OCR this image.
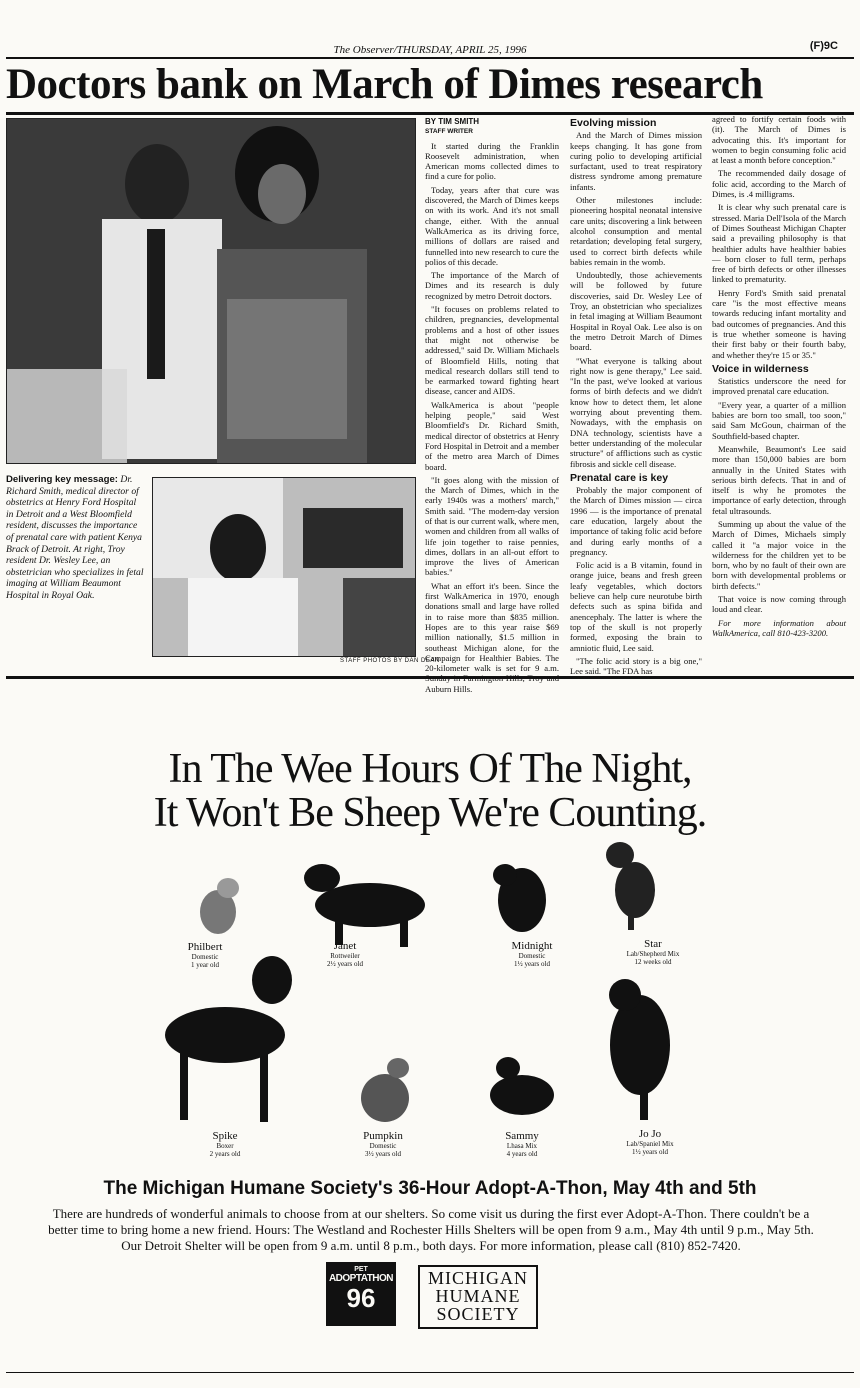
The Observer/THURSDAY, APRIL 25, 1996	(F)9C
Doctors bank on March of Dimes research
STAFF PHOTOS BY DAN DEAN
Delivering key message: Dr. Richard Smith, medical director of obstetrics at Henry Ford Hospital in Detroit and a West Bloomfield resident, discusses the importance of prenatal care with patient Kenya Brack of Detroit. At right, Troy resident Dr. Wesley Lee, an obstetrician who specializes in fetal imaging at William Beaumont Hospital in Royal Oak.
BY TIM SMITH
STAFF WRITER

It started during the Franklin Roosevelt administration, when American moms collected dimes to find a cure for polio.

Today, years after that cure was discovered, the March of Dimes keeps on with its work. And it's not small change, either. With the annual WalkAmerica as its driving force, millions of dollars are raised and funnelled into new research to cure the polios of this decade.

The importance of the March of Dimes and its research is duly recognized by metro Detroit doctors.

"It focuses on problems related to children, pregnancies, developmental problems and a host of other issues that might not otherwise be addressed," said Dr. William Michaels of Bloomfield Hills, noting that medical research dollars still tend to be earmarked toward fighting heart disease, cancer and AIDS.

WalkAmerica is about "people helping people," said West Bloomfield's Dr. Richard Smith, medical director of obstetrics at Henry Ford Hospital in Detroit and a member of the metro area March of Dimes board.

"It goes along with the mission of the March of Dimes, which in the early 1940s was a mothers' march," Smith said. "The modern-day version of that is our current walk, where men, women and children from all walks of life join together to raise pennies, dimes, dollars in an all-out effort to improve the lives of American babies."

What an effort it's been. Since the first WalkAmerica in 1970, enough donations small and large have rolled in to raise more than $835 million. Hopes are to this year raise $69 million nationally, $1.5 million in southeast Michigan alone, for the Campaign for Healthier Babies. The 20-kilometer walk is set for 9 a.m. Auburn Hills.

Evolving mission

And the March of Dimes mission keeps changing. It has gone from curing polio to developing artificial surfactant, used to treat respiratory distress syndrome among premature infants.

Other milestones include: pioneering hospital neonatal intensive care units; discovering a link between alcohol consumption and mental retardation; developing fetal surgery, used to correct birth defects while babies remain in the womb.

Undoubtedly, those achievements will be followed by future discoveries, said Dr. Wesley Lee of Troy, an obstetrician who specializes in fetal imaging at William Beaumont Hospital in Royal Oak. Lee also is on the metro Detroit March of Dimes board.

"What everyone is talking about right now is gene therapy," Lee said. "In the past, we've looked at various forms of birth defects and we didn't know how to detect them, let alone worrying about preventing them. Nowadays, with the emphasis on DNA technology, scientists have a better understanding of the molecular structure" of afflictions such as cystic fibrosis and sickle cell disease.

Prenatal care is key

Probably the major component of the March of Dimes mission — circa 1996 — is the importance of prenatal care education, largely about the importance of taking folic acid before and during early months of a pregnancy.

Folic acid is a B vitamin, found in orange juice, beans and fresh green leafy vegetables, which doctors believe can help cure neurotube birth defects such as spina bifida and anencephaly. The latter is where the top of the skull is not properly formed, exposing the brain to amniotic fluid, Lee said.

"The folic acid story is a big one," Lee said. "The FDA has

agreed to fortify certain foods with (it). The March of Dimes is advocating this. It's important for women to begin consuming folic acid at least a month before conception."

The recommended daily dosage of folic acid, according to the March of Dimes, is .4 milligrams.

It is clear why such prenatal care is stressed. Maria Dell'Isola of the March of Dimes Southeast Michigan Chapter said a prevailing philosophy is that healthier adults have healthier babies — born closer to full term, perhaps free of birth defects or other illnesses linked to prematurity.

Henry Ford's Smith said prenatal care "is the most effective means towards reducing infant mortality and bad outcomes of pregnancies. And this is true whether someone is having their first baby or their fourth baby, and whether they're 15 or 35."

Voice in wilderness

Statistics underscore the need for improved prenatal care education.

"Every year, a quarter of a million babies are born too small, too soon," said Sam McGoun, chairman of the Southfield-based chapter.

Meanwhile, Beaumont's Lee said more than 150,000 babies are born annually in the United States with serious birth defects. That in and of itself is why he promotes the importance of early detection, through fetal ultrasounds.

Summing up about the value of the March of Dimes, Michaels simply called it "a major voice in the wilderness for the children yet to be born, who by no fault of their own are born with developmental problems or birth defects."

That voice is now coming through loud and clear.

For more information about WalkAmerica, call 810-423-3200.

In The Wee Hours Of The Night,
It Won't Be Sheep We're Counting.
Philbert
Domestic
1 year old
Janet
Rottweiler
2½ years old
Midnight
Domestic
1½ years old
Star
Lab/Shepherd Mix
12 weeks old
Spike
Boxer
2 years old
Pumpkin
Domestic
3½ years old
Sammy
Lhasa Mix
4 years old
Jo Jo
Lab/Spaniel Mix
1½ years old
The Michigan Humane Society's 36-Hour Adopt-A-Thon, May 4th and 5th
There are hundreds of wonderful animals to choose from at our shelters. So come visit us during the first ever Adopt-A-Thon. There couldn't be a better time to bring home a new friend. Hours: The Westland and Rochester Hills Shelters will be open from 9 a.m., May 4th until 9 p.m., May 5th. Our Detroit Shelter will be open from 9 a.m. until 8 p.m., both days. For more information, please call (810) 852-7420.
PET
ADOPTATHON
96
MICHIGAN
HUMANE
SOCIETY
